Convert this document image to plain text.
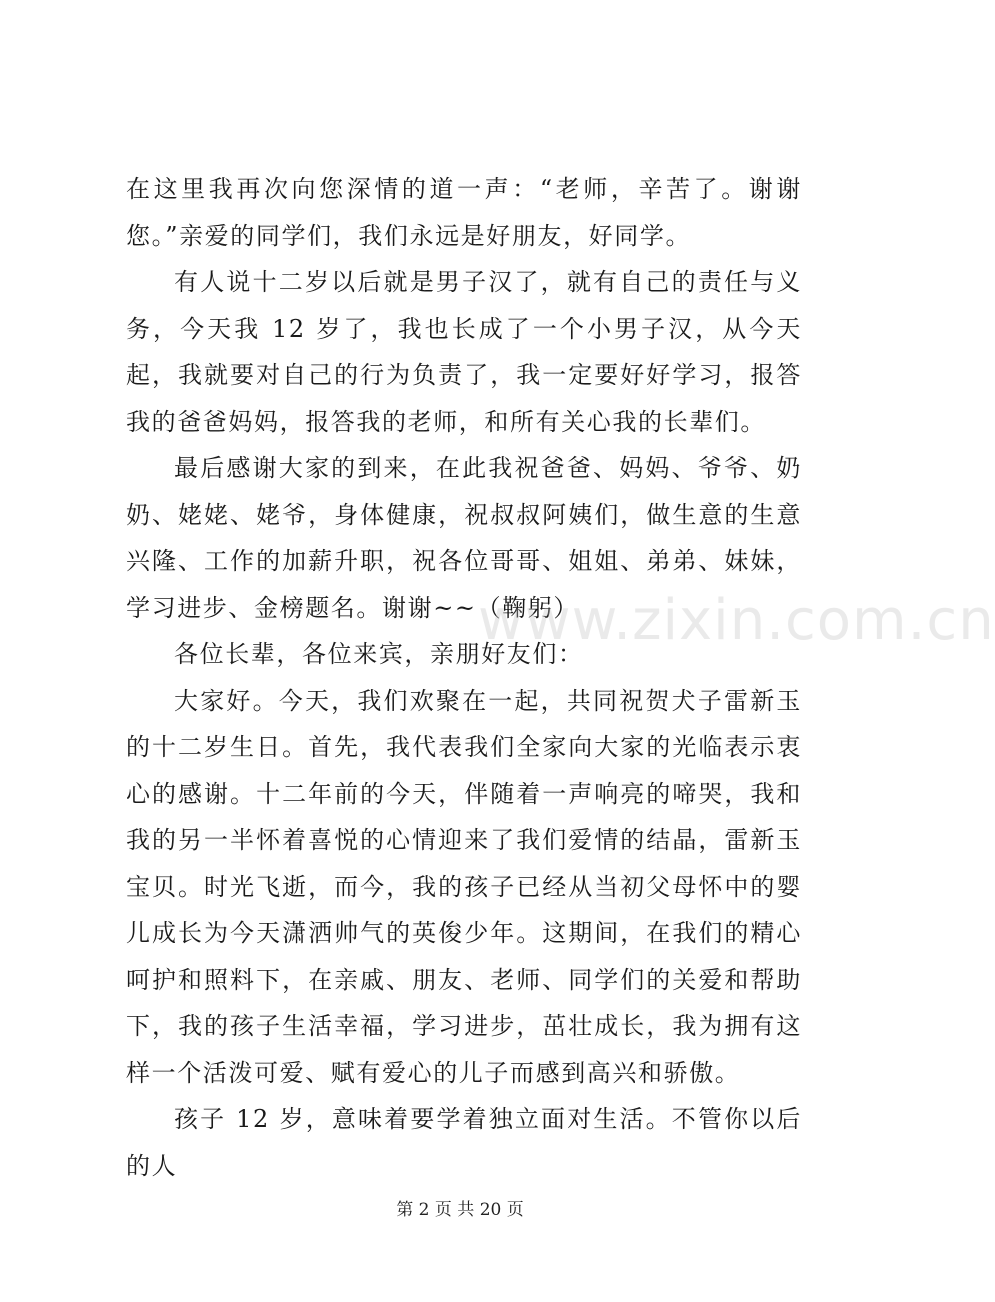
在这里我再次向您深情的道一声：“老师，辛苦了。谢谢您。”亲爱的同学们，我们永远是好朋友，好同学。

有人说十二岁以后就是男子汉了，就有自己的责任与义务，今天我 12 岁了，我也长成了一个小男子汉，从今天起，我就要对自己的行为负责了，我一定要好好学习，报答我的爸爸妈妈，报答我的老师，和所有关心我的长辈们。

最后感谢大家的到来，在此我祝爸爸、妈妈、爷爷、奶奶、姥姥、姥爷，身体健康，祝叔叔阿姨们，做生意的生意兴隆、工作的加薪升职，祝各位哥哥、姐姐、弟弟、妹妹，学习进步、金榜题名。谢谢~~（鞠躬）

各位长辈，各位来宾，亲朋好友们：

大家好。今天，我们欢聚在一起，共同祝贺犬子雷新玉的十二岁生日。首先，我代表我们全家向大家的光临表示衷心的感谢。十二年前的今天，伴随着一声响亮的啼哭，我和我的另一半怀着喜悦的心情迎来了我们爱情的结晶，雷新玉宝贝。时光飞逝，而今，我的孩子已经从当初父母怀中的婴儿成长为今天潇洒帅气的英俊少年。这期间，在我们的精心呵护和照料下，在亲戚、朋友、老师、同学们的关爱和帮助下，我的孩子生活幸福，学习进步，茁壮成长，我为拥有这样一个活泼可爱、赋有爱心的儿子而感到高兴和骄傲。

孩子 12 岁，意味着要学着独立面对生活。不管你以后的人

www.zixin.com.cn
第 2 页 共 20 页
